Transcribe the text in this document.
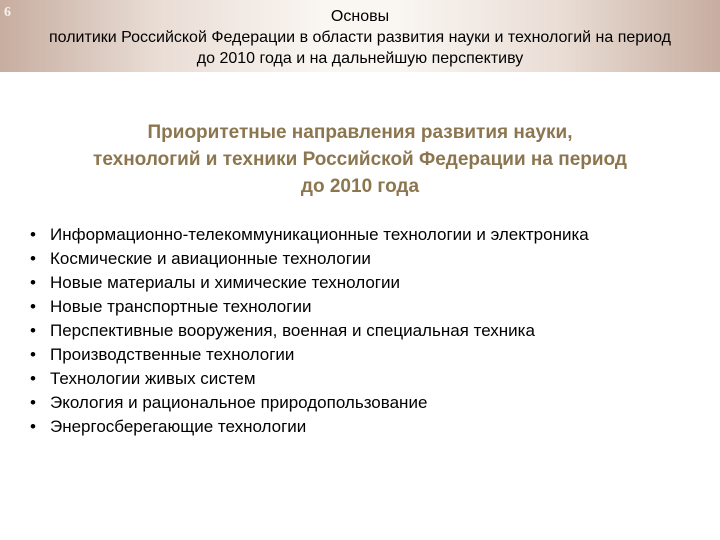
6	Основы
политики Российской Федерации в области развития науки и технологий на период
до 2010 года и на дальнейшую перспективу
Приоритетные направления развития науки,
технологий и техники Российской Федерации на период
до 2010 года
• Информационно-телекоммуникационные технологии и электроника
• Космические и авиационные технологии
• Новые материалы и химические технологии
• Новые транспортные технологии
• Перспективные вооружения, военная и специальная техника
• Производственные технологии
• Технологии живых систем
• Экология и рациональное природопользование
• Энергосберегающие технологии
